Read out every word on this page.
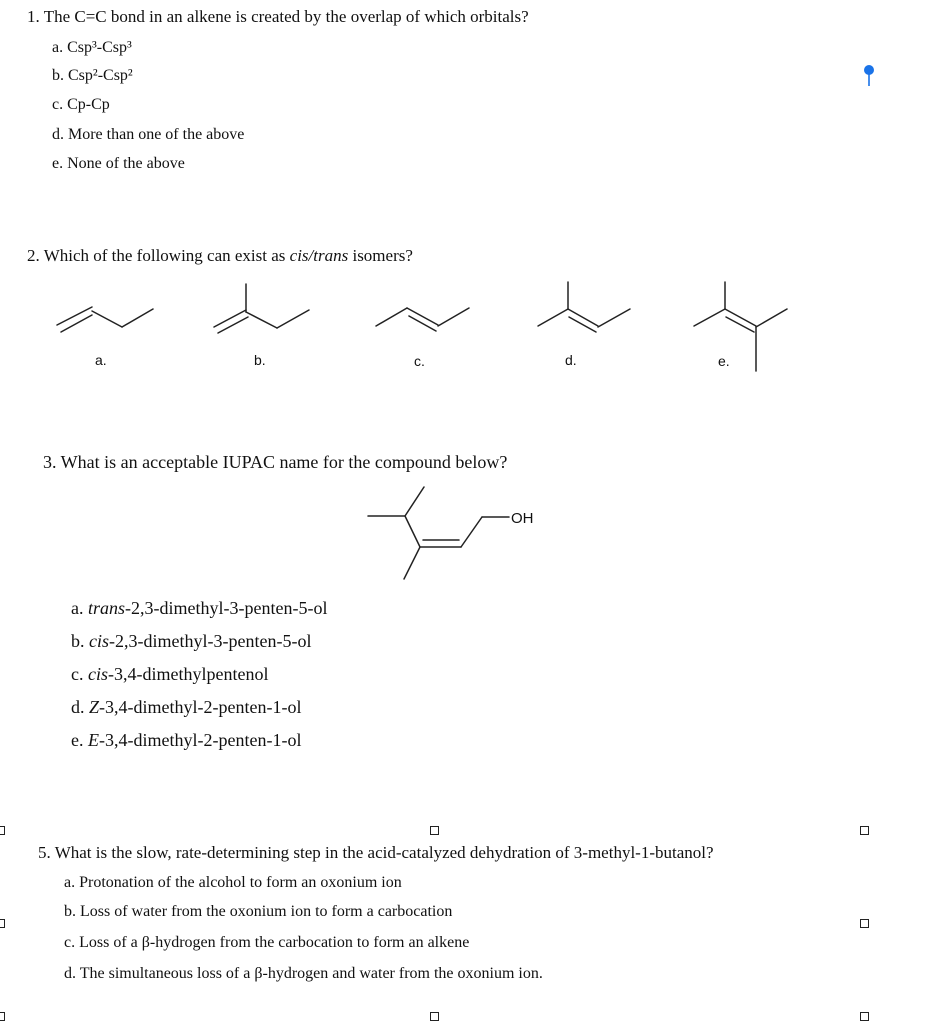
1. The C=C bond in an alkene is created by the overlap of which orbitals?
a. Csp³-Csp³
b. Csp²-Csp²
c. Cp-Cp
d. More than one of the above
e. None of the above
2. Which of the following can exist as cis/trans isomers?
a.	b.	c.	d.	e.
3. What is an acceptable IUPAC name for the compound below?
OH
a. trans-2,3-dimethyl-3-penten-5-ol
b. cis-2,3-dimethyl-3-penten-5-ol
c. cis-3,4-dimethylpentenol
d. Z-3,4-dimethyl-2-penten-1-ol
e. E-3,4-dimethyl-2-penten-1-ol
5. What is the slow, rate-determining step in the acid-catalyzed dehydration of 3-methyl-1-butanol?
a. Protonation of the alcohol to form an oxonium ion
b. Loss of water from the oxonium ion to form a carbocation
c. Loss of a β-hydrogen from the carbocation to form an alkene
d. The simultaneous loss of a β-hydrogen and water from the oxonium ion.
